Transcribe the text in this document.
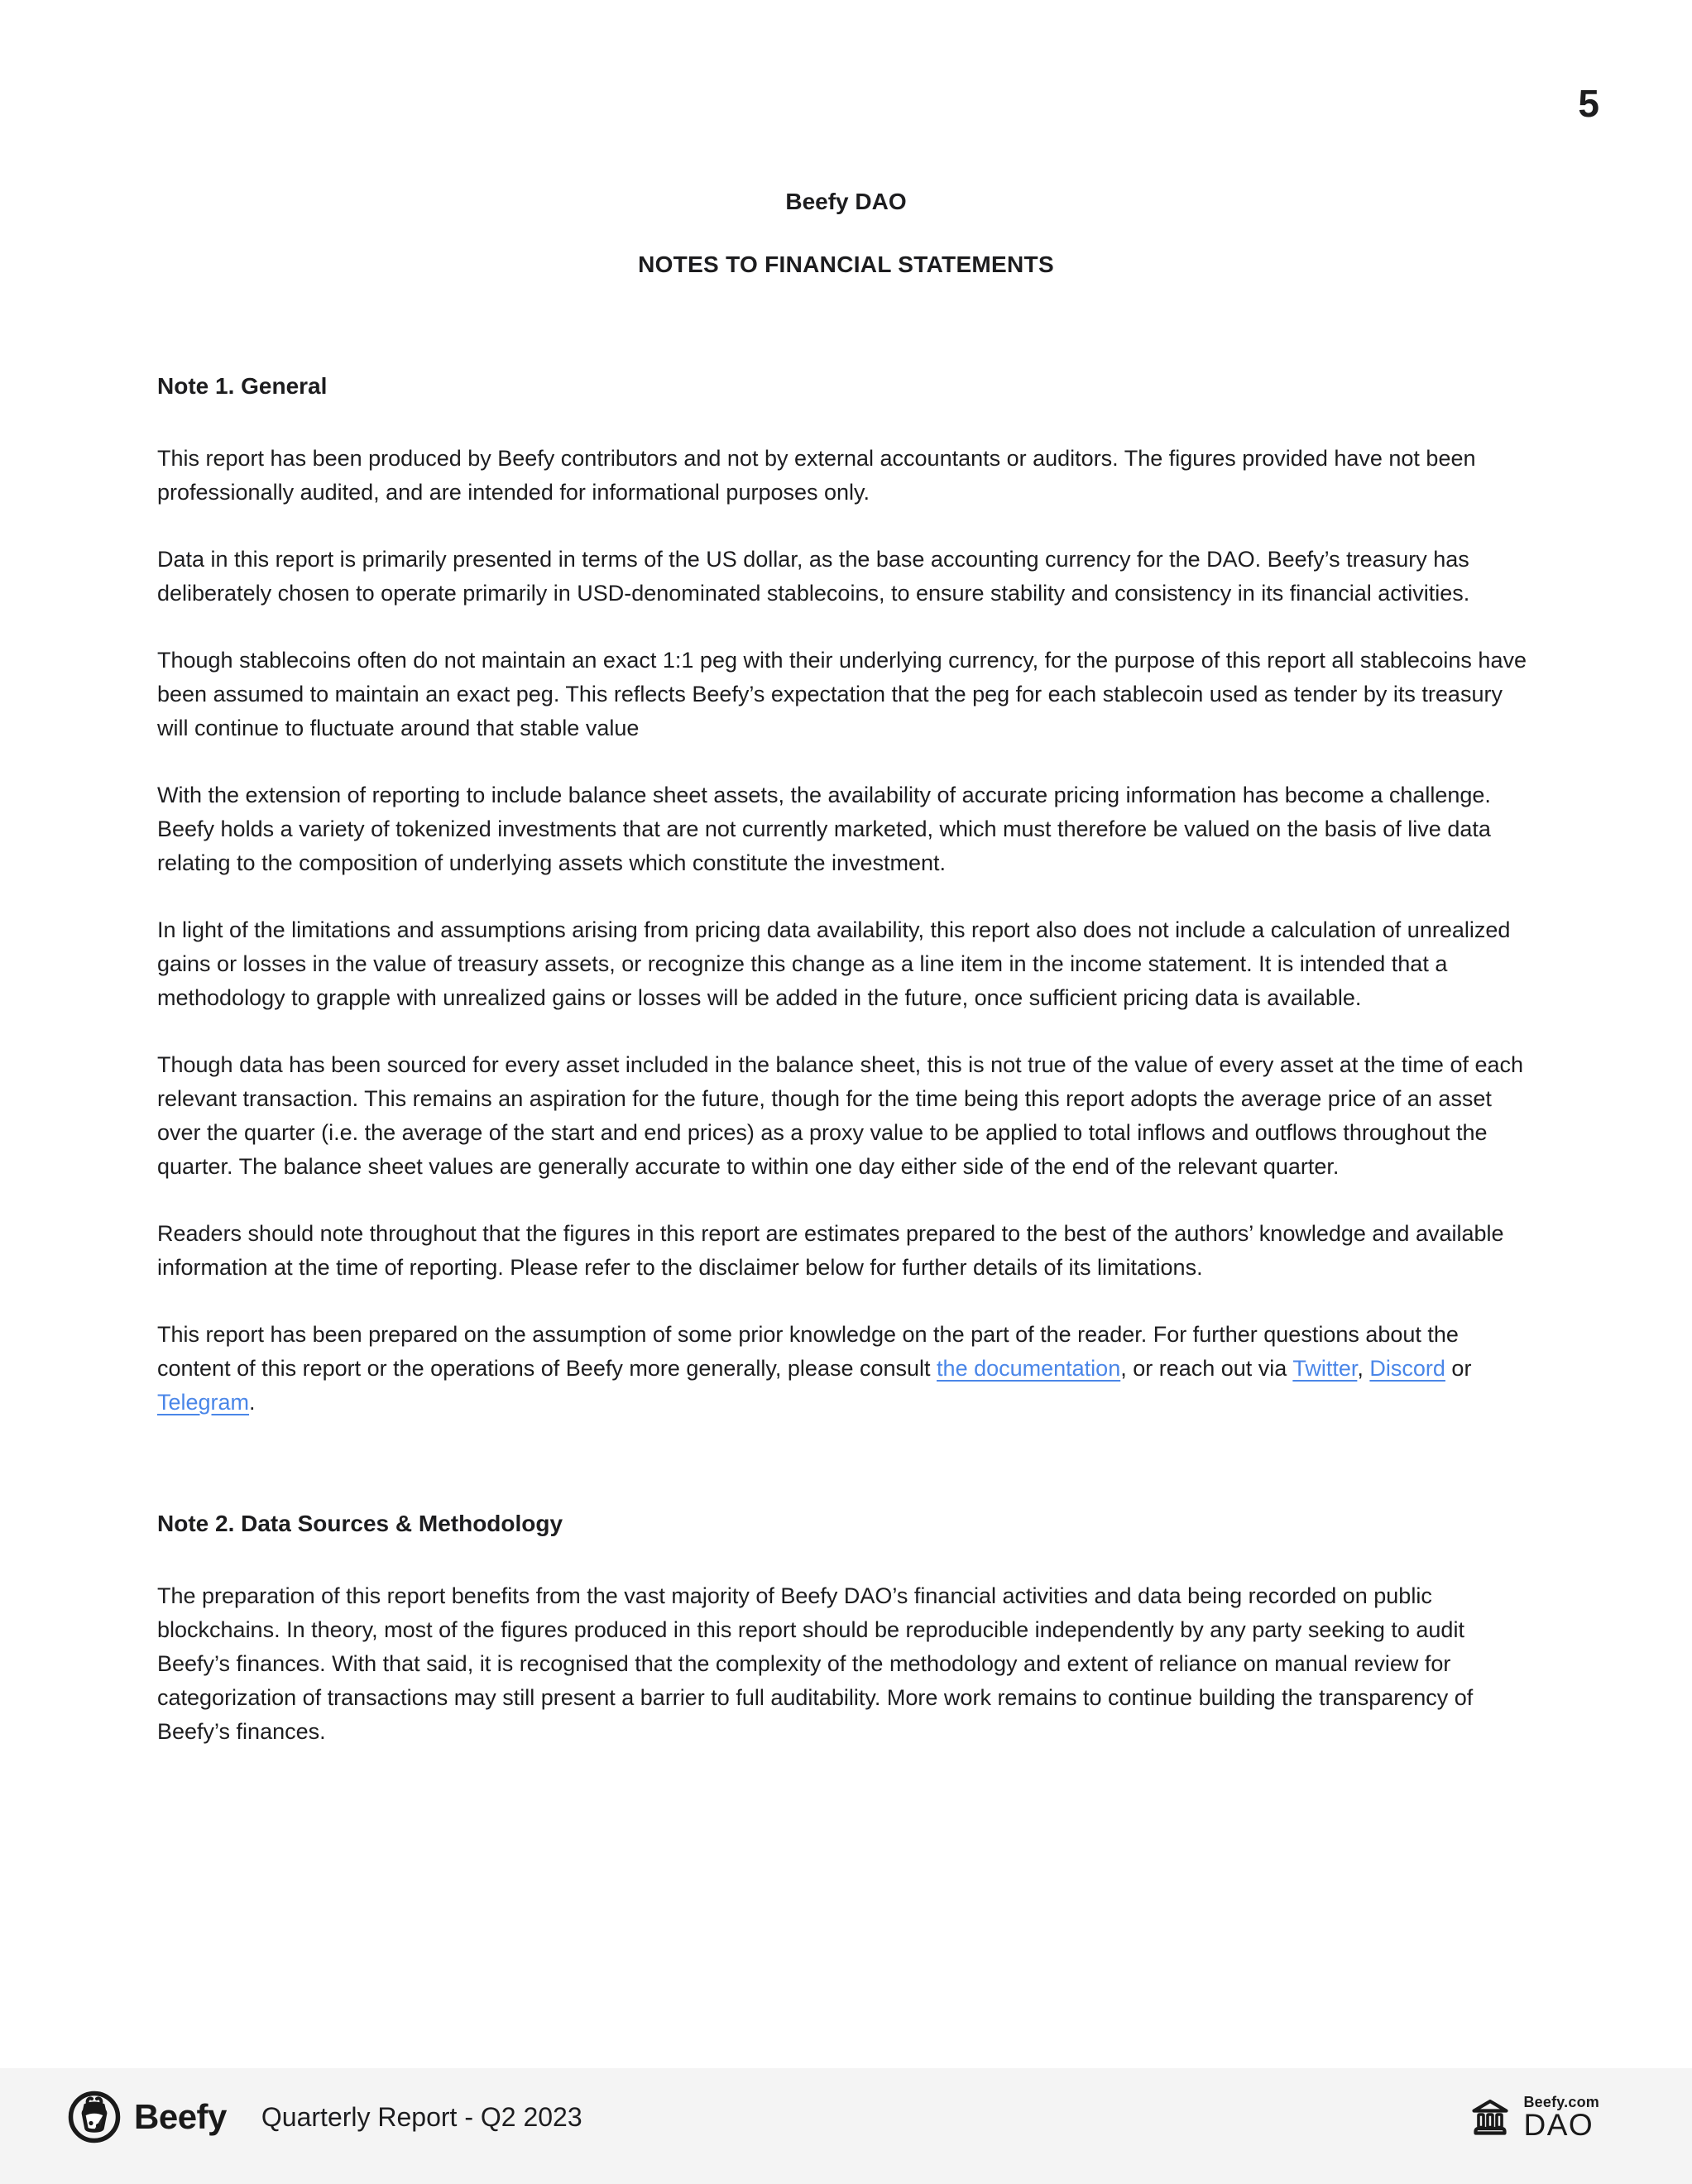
5
Beefy DAO
NOTES TO FINANCIAL STATEMENTS
Note 1. General

This report has been produced by Beefy contributors and not by external accountants or auditors. The figures provided have not been professionally audited, and are intended for informational purposes only.

Data in this report is primarily presented in terms of the US dollar, as the base accounting currency for the DAO. Beefy’s treasury has deliberately chosen to operate primarily in USD-denominated stablecoins, to ensure stability and consistency in its financial activities.

Though stablecoins often do not maintain an exact 1:1 peg with their underlying currency, for the purpose of this report all stablecoins have been assumed to maintain an exact peg. This reflects Beefy’s expectation that the peg for each stablecoin used as tender by its treasury will continue to fluctuate around that stable value

With the extension of reporting to include balance sheet assets, the availability of accurate pricing information has become a challenge. Beefy holds a variety of tokenized investments that are not currently marketed, which must therefore be valued on the basis of live data relating to the composition of underlying assets which constitute the investment.

In light of the limitations and assumptions arising from pricing data availability, this report also does not include a calculation of unrealized gains or losses in the value of treasury assets, or recognize this change as a line item in the income statement. It is intended that a methodology to grapple with unrealized gains or losses will be added in the future, once sufficient pricing data is available.

Though data has been sourced for every asset included in the balance sheet, this is not true of the value of every asset at the time of each relevant transaction. This remains an aspiration for the future, though for the time being this report adopts the average price of an asset over the quarter (i.e. the average of the start and end prices) as a proxy value to be applied to total inflows and outflows throughout the quarter. The balance sheet values are generally accurate to within one day either side of the end of the relevant quarter.

Readers should note throughout that the figures in this report are estimates prepared to the best of the authors’ knowledge and available information at the time of reporting. Please refer to the disclaimer below for further details of its limitations.

This report has been prepared on the assumption of some prior knowledge on the part of the reader. For further questions about the content of this report or the operations of Beefy more generally, please consult the documentation, or reach out via Twitter, Discord or Telegram.

Note 2. Data Sources & Methodology

The preparation of this report benefits from the vast majority of Beefy DAO’s financial activities and data being recorded on public blockchains. In theory, most of the figures produced in this report should be reproducible independently by any party seeking to audit Beefy’s finances. With that said, it is recognised that the complexity of the methodology and extent of reliance on manual review for categorization of transactions may still present a barrier to full auditability. More work remains to continue building the transparency of Beefy’s finances.

Beefy Quarterly Report - Q2 2023	Beefy.com
DAO
